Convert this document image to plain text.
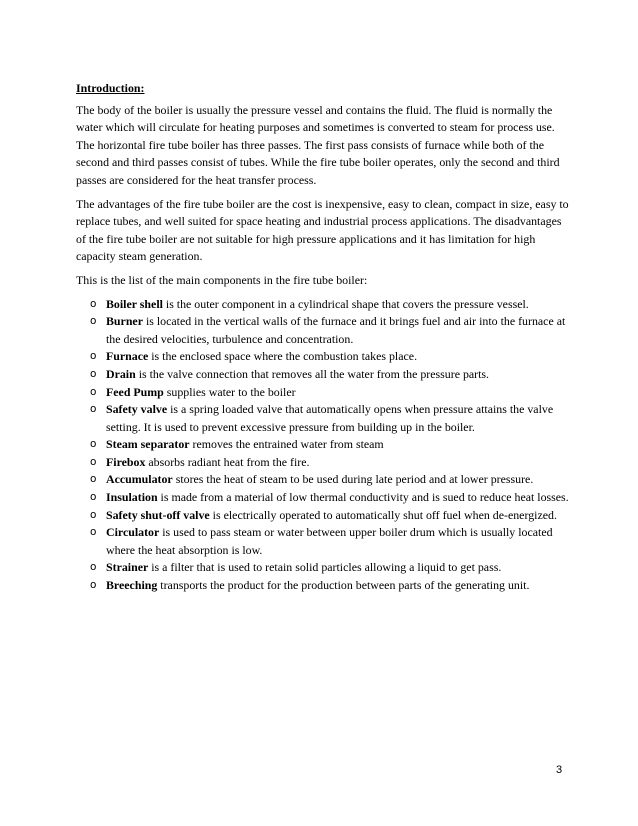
Introduction:

The body of the boiler is usually the pressure vessel and contains the fluid. The fluid is normally the water which will circulate for heating purposes and sometimes is converted to steam for process use. The horizontal fire tube boiler has three passes. The first pass consists of furnace while both of the second and third passes consist of tubes. While the fire tube boiler operates, only the second and third passes are considered for the heat transfer process.

The advantages of the fire tube boiler are the cost is inexpensive, easy to clean, compact in size, easy to replace tubes, and well suited for space heating and industrial process applications. The disadvantages of the fire tube boiler are not suitable for high pressure applications and it has limitation for high capacity steam generation.

This is the list of the main components in the fire tube boiler:

o Boiler shell is the outer component in a cylindrical shape that covers the pressure vessel.
o Burner is located in the vertical walls of the furnace and it brings fuel and air into the furnace at the desired velocities, turbulence and concentration.
o Furnace is the enclosed space where the combustion takes place.
o Drain is the valve connection that removes all the water from the pressure parts.
o Feed Pump supplies water to the boiler
o Safety valve is a spring loaded valve that automatically opens when pressure attains the valve setting. It is used to prevent excessive pressure from building up in the boiler.
o Steam separator removes the entrained water from steam
o Firebox absorbs radiant heat from the fire.
o Accumulator stores the heat of steam to be used during late period and at lower pressure.
o Insulation is made from a material of low thermal conductivity and is sued to reduce heat losses.
o Safety shut-off valve is electrically operated to automatically shut off fuel when de-energized.
o Circulator is used to pass steam or water between upper boiler drum which is usually located where the heat absorption is low.
o Strainer is a filter that is used to retain solid particles allowing a liquid to get pass.
o Breeching transports the product for the production between parts of the generating unit.
3
